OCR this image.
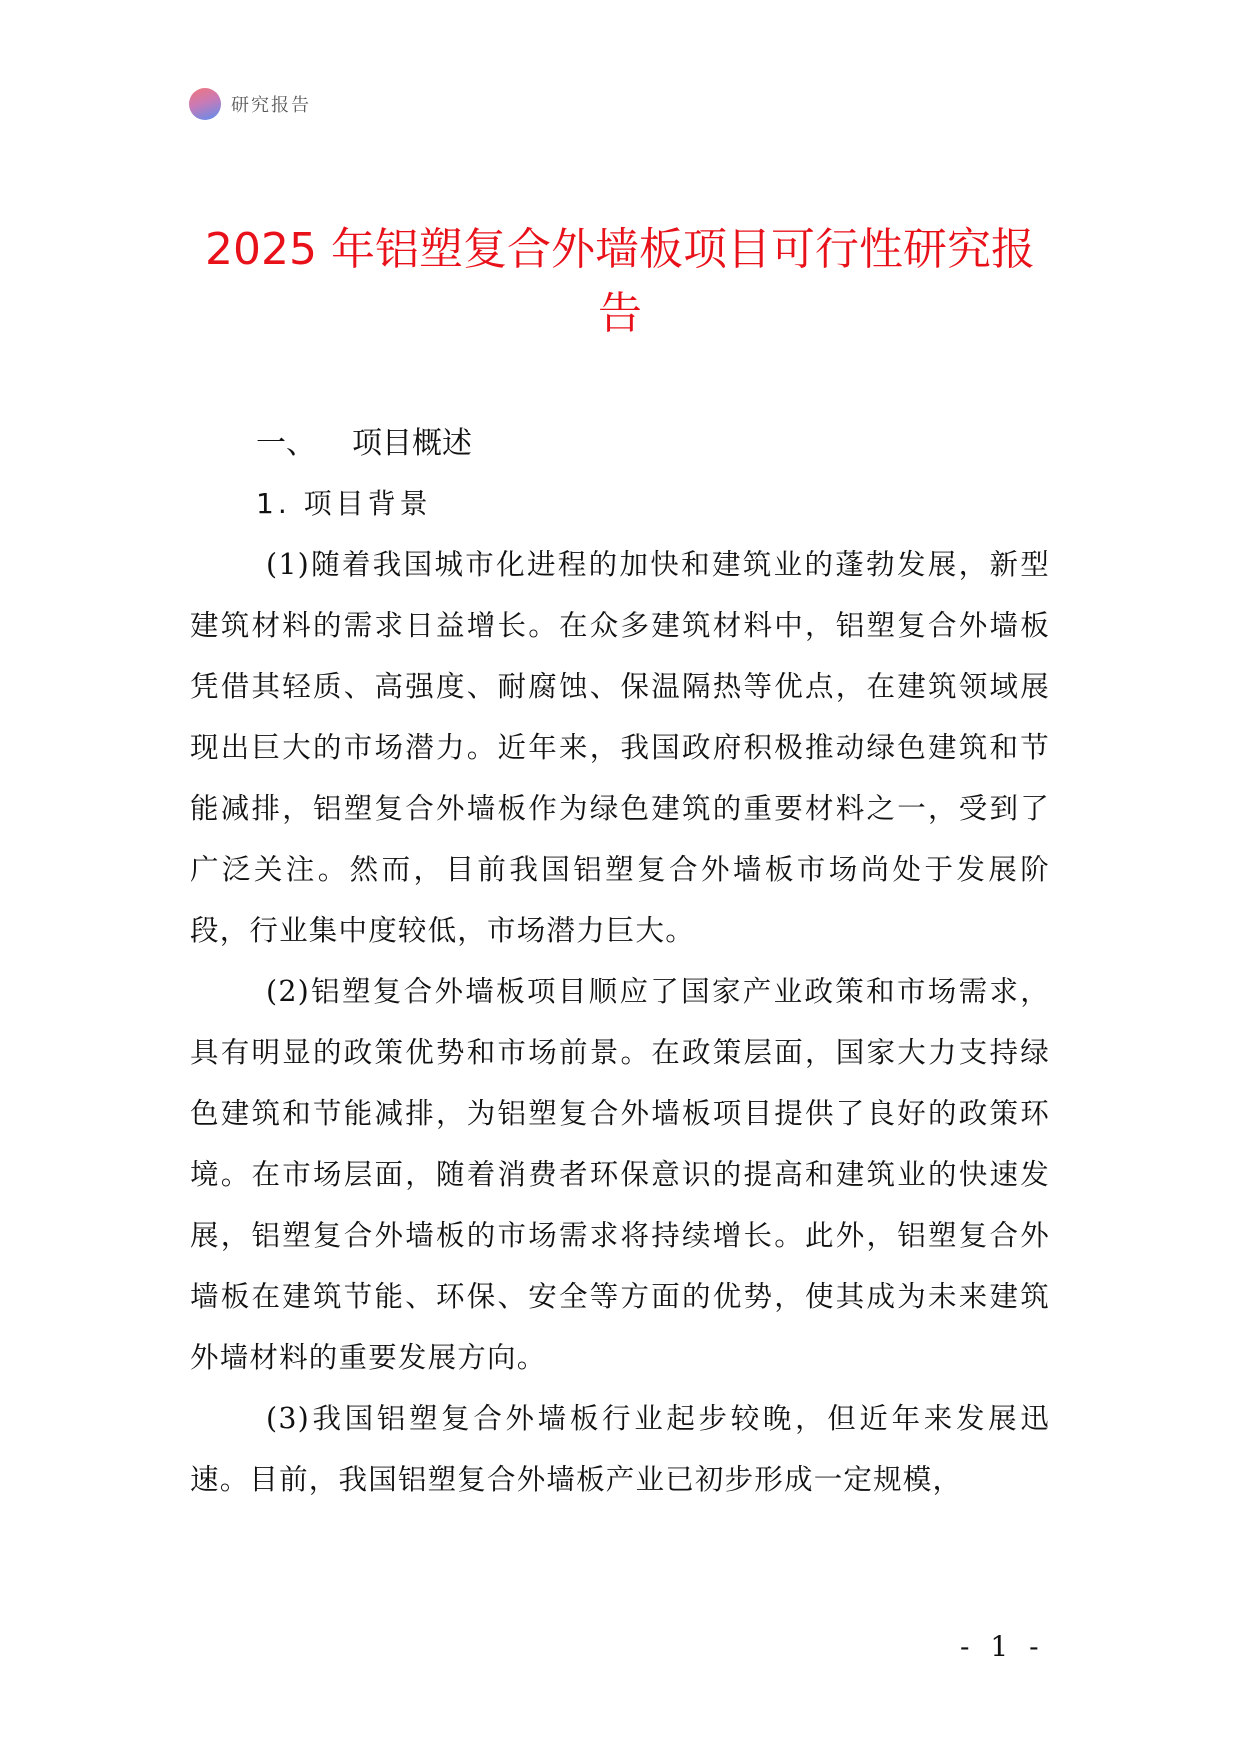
研究报告
2025 年铝塑复合外墙板项目可行性研究报告
一、 项目概述
1. 项目背景

(1)随着我国城市化进程的加快和建筑业的蓬勃发展，新型建筑材料的需求日益增长。在众多建筑材料中，铝塑复合外墙板凭借其轻质、高强度、耐腐蚀、保温隔热等优点，在建筑领域展现出巨大的市场潜力。近年来，我国政府积极推动绿色建筑和节能减排，铝塑复合外墙板作为绿色建筑的重要材料之一，受到了广泛关注。然而，目前我国铝塑复合外墙板市场尚处于发展阶段，行业集中度较低，市场潜力巨大。

(2)铝塑复合外墙板项目顺应了国家产业政策和市场需求，具有明显的政策优势和市场前景。在政策层面，国家大力支持绿色建筑和节能减排，为铝塑复合外墙板项目提供了良好的政策环境。在市场层面，随着消费者环保意识的提高和建筑业的快速发展，铝塑复合外墙板的市场需求将持续增长。此外，铝塑复合外墙板在建筑节能、环保、安全等方面的优势，使其成为未来建筑外墙材料的重要发展方向。

(3)我国铝塑复合外墙板行业起步较晚，但近年来发展迅速。目前，我国铝塑复合外墙板产业已初步形成一定规模，

- 1 -
